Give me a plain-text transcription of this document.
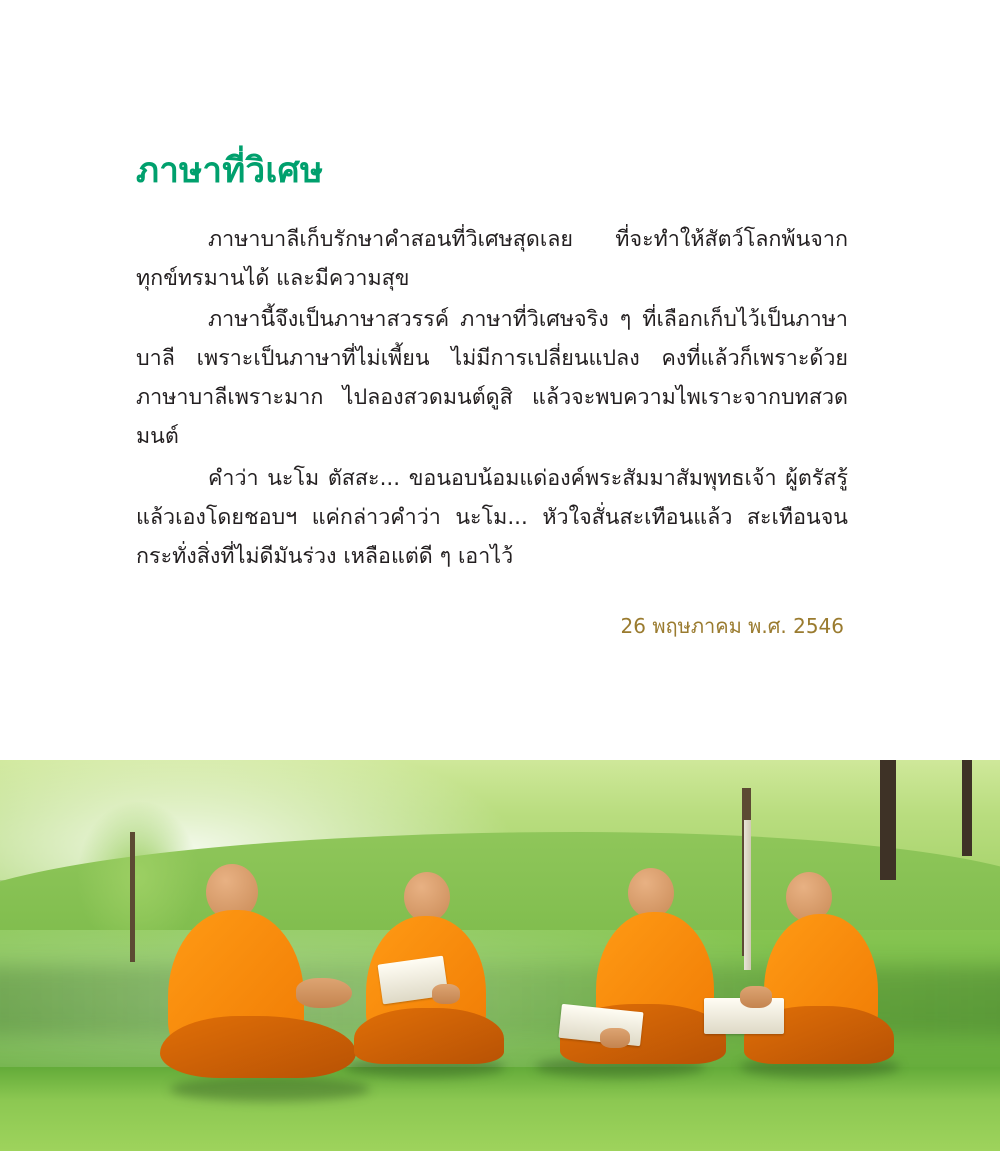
ภาษาที่วิเศษ

ภาษาบาลีเก็บรักษาคำสอนที่วิเศษสุดเลย ที่จะทำให้สัตว์โลกพ้นจากทุกข์ทรมานได้ และมีความสุข

ภาษานี้จึงเป็นภาษาสวรรค์ ภาษาที่วิเศษจริง ๆ ที่เลือกเก็บไว้เป็นภาษาบาลี เพราะเป็นภาษาที่ไม่เพี้ยน ไม่มีการเปลี่ยนแปลง คงที่แล้วก็เพราะด้วย ภาษาบาลีเพราะมาก ไปลองสวดมนต์ดูสิ แล้วจะพบความไพเราะจากบทสวดมนต์

คำว่า นะโม ตัสสะ... ขอนอบน้อมแด่องค์พระสัมมาสัมพุทธเจ้า ผู้ตรัสรู้แล้วเองโดยชอบฯ แค่กล่าวคำว่า นะโม... หัวใจสั่นสะเทือนแล้ว สะเทือนจนกระทั่งสิ่งที่ไม่ดีมันร่วง เหลือแต่ดี ๆ เอาไว้

26 พฤษภาคม พ.ศ. 2546
